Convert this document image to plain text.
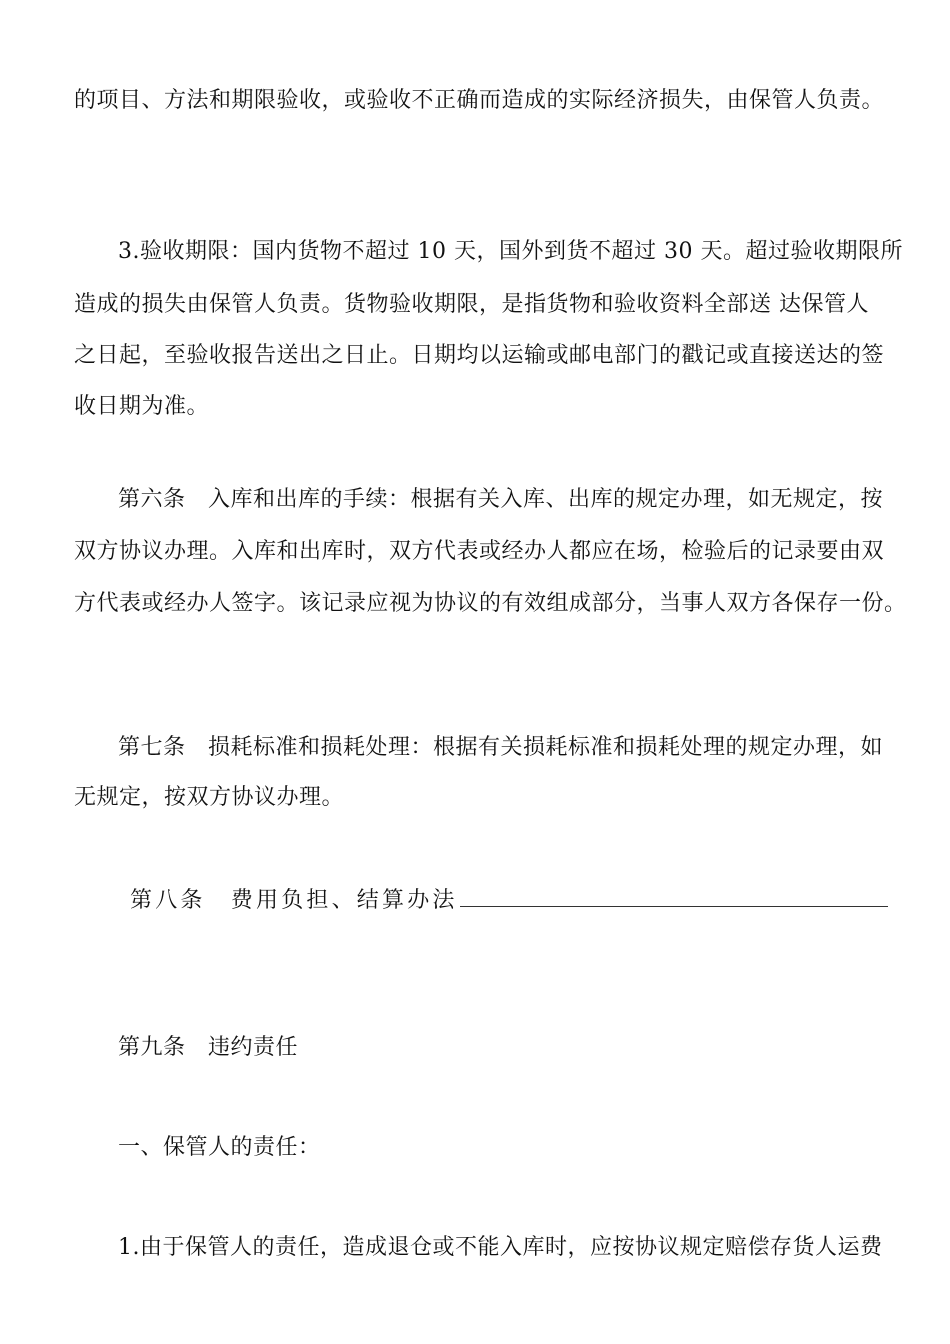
的项目、方法和期限验收，或验收不正确而造成的实际经济损失，由保管人负责。
3.验收期限：国内货物不超过 10 天，国外到货不超过 30 天。超过验收期限所
造成的损失由保管人负责。货物验收期限，是指货物和验收资料全部送 达保管人
之日起，至验收报告送出之日止。日期均以运输或邮电部门的戳记或直接送达的签
收日期为准。
第六条　入库和出库的手续：根据有关入库、出库的规定办理，如无规定，按
双方协议办理。入库和出库时，双方代表或经办人都应在场，检验后的记录要由双
方代表或经办人签字。该记录应视为协议的有效组成部分，当事人双方各保存一份。
第七条　损耗标准和损耗处理：根据有关损耗标准和损耗处理的规定办理，如
无规定，按双方协议办理。
第八条　费用负担、结算办法
第九条　违约责任
一、保管人的责任：
1.由于保管人的责任，造成退仓或不能入库时，应按协议规定赔偿存货人运费
